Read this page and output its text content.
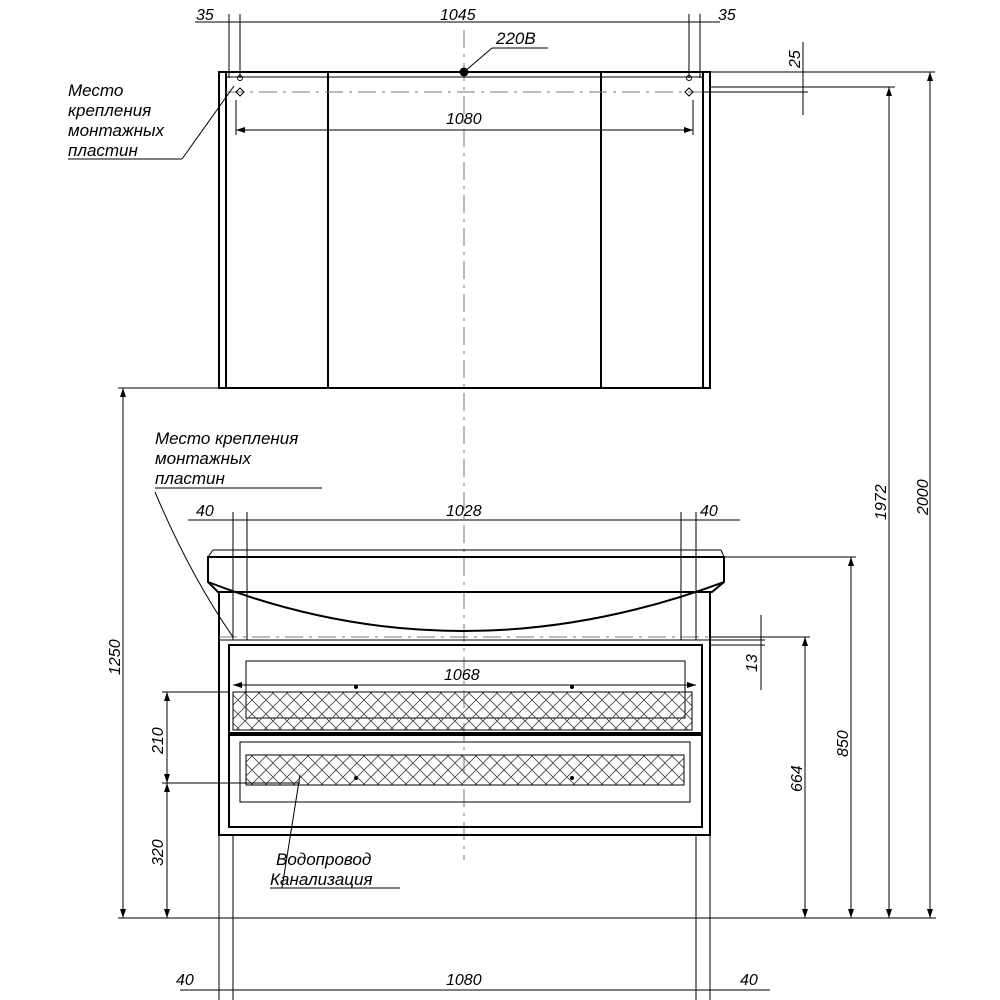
35	1045	35
220В
1080
25
Место
крепления
монтажных
пластин
2000
1972
1250
40	1028	40
1068
13
850
664
210
320
40	1080	40
Водопровод
Канализация
Место крепления
монтажных
пластин
